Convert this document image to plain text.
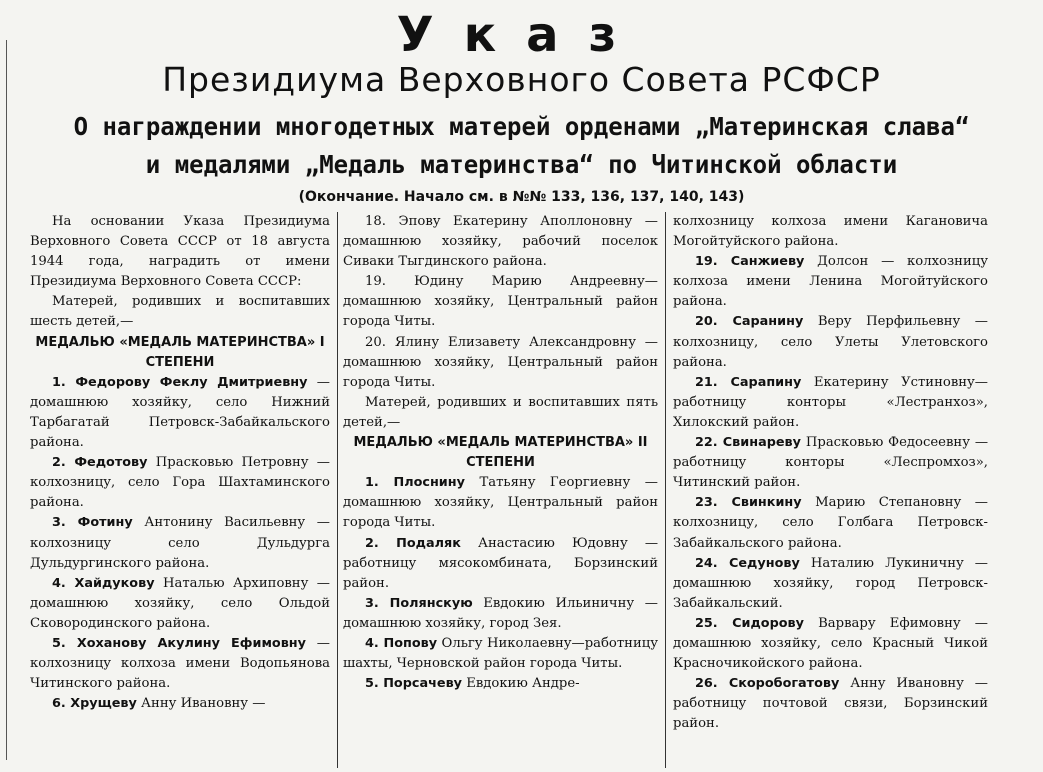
Указ
Президиума Верховного Совета РСФСР
О награждении многодетных матерей орденами „Материнская слава“
и медалями „Медаль материнства“ по Читинской области
(Окончание. Начало см. в №№ 133, 136, 137, 140, 143)

На основании Указа Президиума Верховного Совета СССР от 18 августа 1944 года, наградить от имени Президиума Верховного Совета СССР:

Матерей, родивших и воспитавших шесть детей,—

МЕДАЛЬЮ «МЕДАЛЬ МАТЕРИНСТВА» I СТЕПЕНИ

1. Федорову Феклу Дмитриевну —домашнюю хозяйку, село Нижний Тарбагатай Петровск-Забайкальского района.

2. Федотову Прасковью Петровну — колхозницу, село Гора Шахтаминского района.

3. Фотину Антонину Васильевну — колхозницу село Дульдурга Дульдургинского района.

4. Хайдукову Наталью Архиповну — домашнюю хозяйку, село Ольдой Сковородинского района.

5. Хоханову Акулину Ефимовну — колхозницу колхоза имени Водопьянова Читинского района.

6. Хрущеву Анну Ивановну —

18. Эпову Екатерину Аполлоновну — домашнюю хозяйку, рабочий поселок Сиваки Тыгдинского района.

19. Юдину Марию Андреевну—домашнюю хозяйку, Центральный район города Читы.

20. Ялину Елизавету Александровну — домашнюю хозяйку, Центральный район города Читы.

Матерей, родивших и воспитавших пять детей,—

МЕДАЛЬЮ «МЕДАЛЬ МАТЕРИНСТВА» II СТЕПЕНИ

1. Плоснину Татьяну Георгиевну — домашнюю хозяйку, Центральный район города Читы.

2. Подаляк Анастасию Юдовну —работницу мясокомбината, Борзинский район.

3. Полянскую Евдокию Ильиничну — домашнюю хозяйку, город Зея.

4. Попову Ольгу Николаевну—работницу шахты, Черновской район города Читы.

5. Порсачеву Евдокию Андре-

колхозницу колхоза имени Кагановича Могойтуйского района.

19. Санжиеву Долсон — колхозницу колхоза имени Ленина Могойтуйского района.

20. Саранину Веру Перфильевну — колхозницу, село Улеты Улетовского района.

21. Сарапину Екатерину Устиновну—работницу конторы «Лестранхоз», Хилокский район.

22. Свинареву Прасковью Федосеевну — работницу конторы «Леспромхоз», Читинский район.

23. Свинкину Марию Степановну — колхозницу, село Голбага Петровск-Забайкальского района.

24. Седунову Наталию Лукиничну — домашнюю хозяйку, город Петровск-Забайкальский.

25. Сидорову Варвару Ефимовну — домашнюю хозяйку, село Красный Чикой Красночикойского района.

26. Скоробогатову Анну Ивановну — работницу почтовой связи, Борзинский район.
